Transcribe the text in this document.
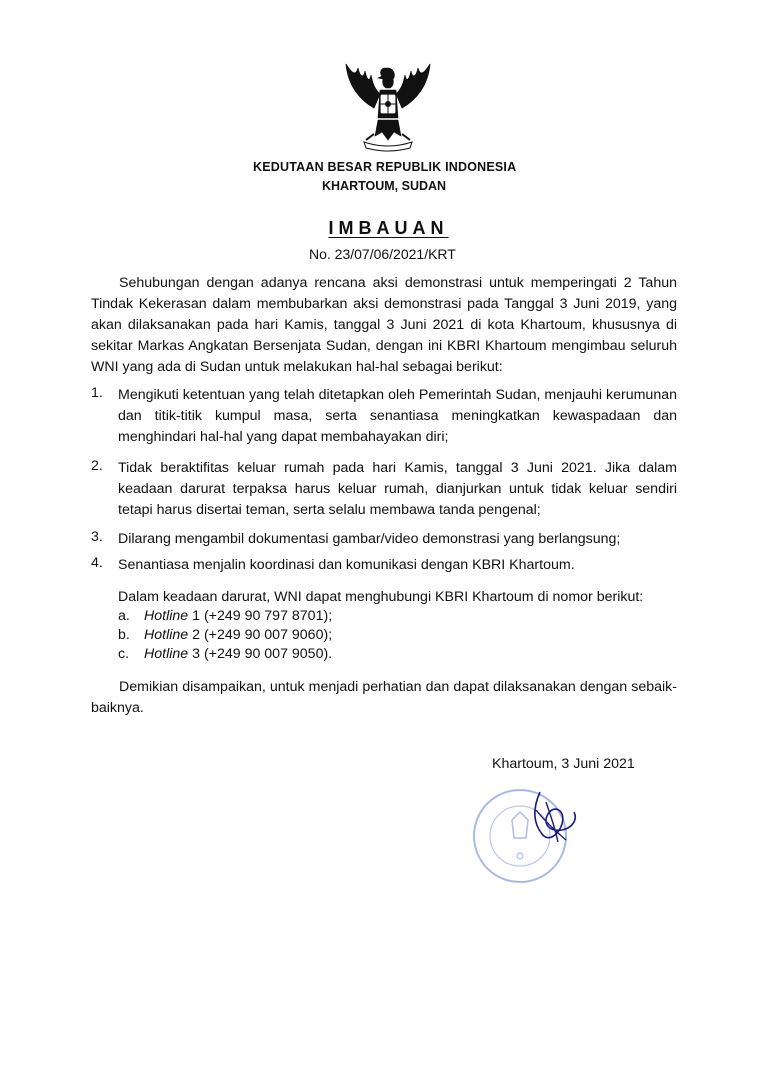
KEDUTAAN BESAR REPUBLIK INDONESIA
KHARTOUM, SUDAN
IMBAUAN
No. 23/07/06/2021/KRT
Sehubungan dengan adanya rencana aksi demonstrasi untuk memperingati 2 Tahun Tindak Kekerasan dalam membubarkan aksi demonstrasi pada Tanggal 3 Juni 2019, yang akan dilaksanakan pada hari Kamis, tanggal 3 Juni 2021 di kota Khartoum, khususnya di sekitar Markas Angkatan Bersenjata Sudan, dengan ini KBRI Khartoum mengimbau seluruh WNI yang ada di Sudan untuk melakukan hal-hal sebagai berikut:
1. Mengikuti ketentuan yang telah ditetapkan oleh Pemerintah Sudan, menjauhi kerumunan dan titik-titik kumpul masa, serta senantiasa meningkatkan kewaspadaan dan menghindari hal-hal yang dapat membahayakan diri;
2. Tidak beraktifitas keluar rumah pada hari Kamis, tanggal 3 Juni 2021. Jika dalam keadaan darurat terpaksa harus keluar rumah, dianjurkan untuk tidak keluar sendiri tetapi harus disertai teman, serta selalu membawa tanda pengenal;
3. Dilarang mengambil dokumentasi gambar/video demonstrasi yang berlangsung;
4. Senantiasa menjalin koordinasi dan komunikasi dengan KBRI Khartoum.
Dalam keadaan darurat, WNI dapat menghubungi KBRI Khartoum di nomor berikut:
a. Hotline 1 (+249 90 797 8701);
b. Hotline 2 (+249 90 007 9060);
c. Hotline 3 (+249 90 007 9050).
Demikian disampaikan, untuk menjadi perhatian dan dapat dilaksanakan dengan sebaik-baiknya.
Khartoum, 3 Juni 2021
